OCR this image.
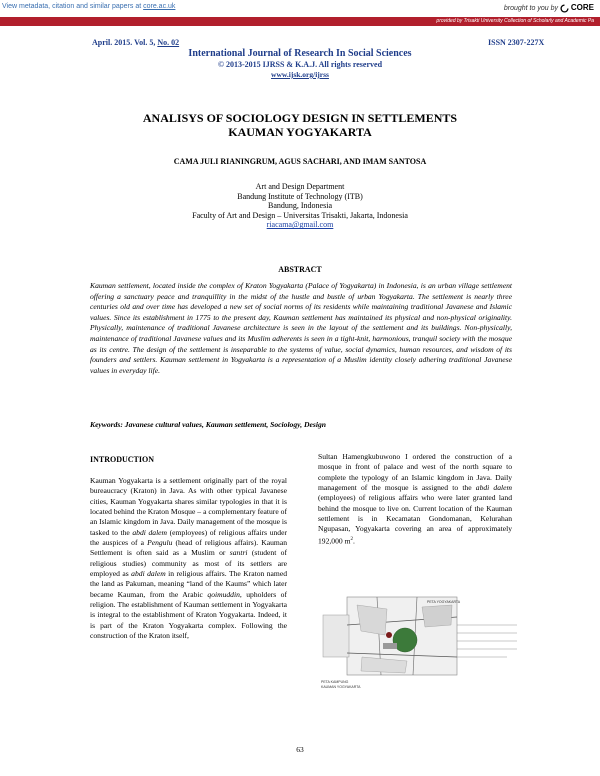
View metadata, citation and similar papers at core.ac.uk	brought to you by CORE
provided by Trisakti University Collection of Scholarly and Academic Pa
April. 2015. Vol. 5, No. 02	ISSN 2307-227X
International Journal of Research In Social Sciences
© 2013-2015 IJRSS & K.A.J. All rights reserved
www.ijsk.org/ijrss
ANALISYS OF SOCIOLOGY DESIGN IN SETTLEMENTS
KAUMAN YOGYAKARTA
CAMA JULI RIANINGRUM, AGUS SACHARI, AND IMAM SANTOSA
Art and Design Department
Bandung Institute of Technology (ITB)
Bandung, Indonesia
Faculty of Art and Design – Universitas Trisakti, Jakarta, Indonesia
riacama@gmail.com
ABSTRACT
Kauman settlement, located inside the complex of Kraton Yogyakarta (Palace of Yogyakarta) in Indonesia, is an urban village settlement offering a sanctuary peace and tranquillity in the midst of the hustle and bustle of urban Yogyakarta. The settlement is nearly three centuries old and over time has developed a new set of social norms of its residents while maintaining traditional Javanese and Islamic values. Since its establishment in 1775 to the present day, Kauman settlement has maintained its physical and non-physical originality. Physically, maintenance of traditional Javanese architecture is seen in the layout of the settlement and its buildings. Non-physically, maintenance of traditional Javanese values and its Muslim adherents is seen in a tight-knit, harmonious, tranquil society with the mosque as its centre. The design of the settlement is inseparable to the systems of value, social dynamics, human resources, and wisdom of its founders and settlers. Kauman settlement in Yogyakarta is a representation of a Muslim identity closely adhering traditional Javanese values in everyday life.
Keywords: Javanese cultural values, Kauman settlement, Sociology, Design
INTRODUCTION

Kauman Yogyakarta is a settlement originally part of the royal bureaucracy (Kraton) in Java. As with other typical Javanese cities, Kauman Yogyakarta shares similar typologies in that it is located behind the Kraton Mosque – a complementary feature of an Islamic kingdom in Java. Daily management of the mosque is tasked to the abdi dalem (employees) of religious affairs under the auspices of a Pengulu (head of religious affairs). Kauman Settlement is often said as a Muslim or santri (student of religious studies) community as most of its settlers are employed as abdi dalem in religious affairs. The Kraton named the land as Pakuman, meaning “land of the Kaums” which later became Kauman, from the Arabic qoimuddin, upholders of religion. The establishment of Kauman settlement in Yogyakarta is integral to the establishment of Kraton Yogyakarta. Indeed, it is part of the Kraton Yogyakarta complex. Following the construction of the Kraton itself,

Sultan Hamengkubuwono I ordered the construction of a mosque in front of palace and west of the north square to complete the typology of an Islamic kingdom in Java. Daily management of the mosque is assigned to the abdi dalem (employees) of religious affairs who were later granted land behind the mosque to live on. Current location of the Kauman settlement is in Kecamatan Gondomanan, Kelurahan Ngupasan, Yogyakarta covering an area of approximately 192,000 $m^2$.

PETA YOGYAKARTA
PETA KAMPUNG
KAUMAN YOGYAKARTA
63
